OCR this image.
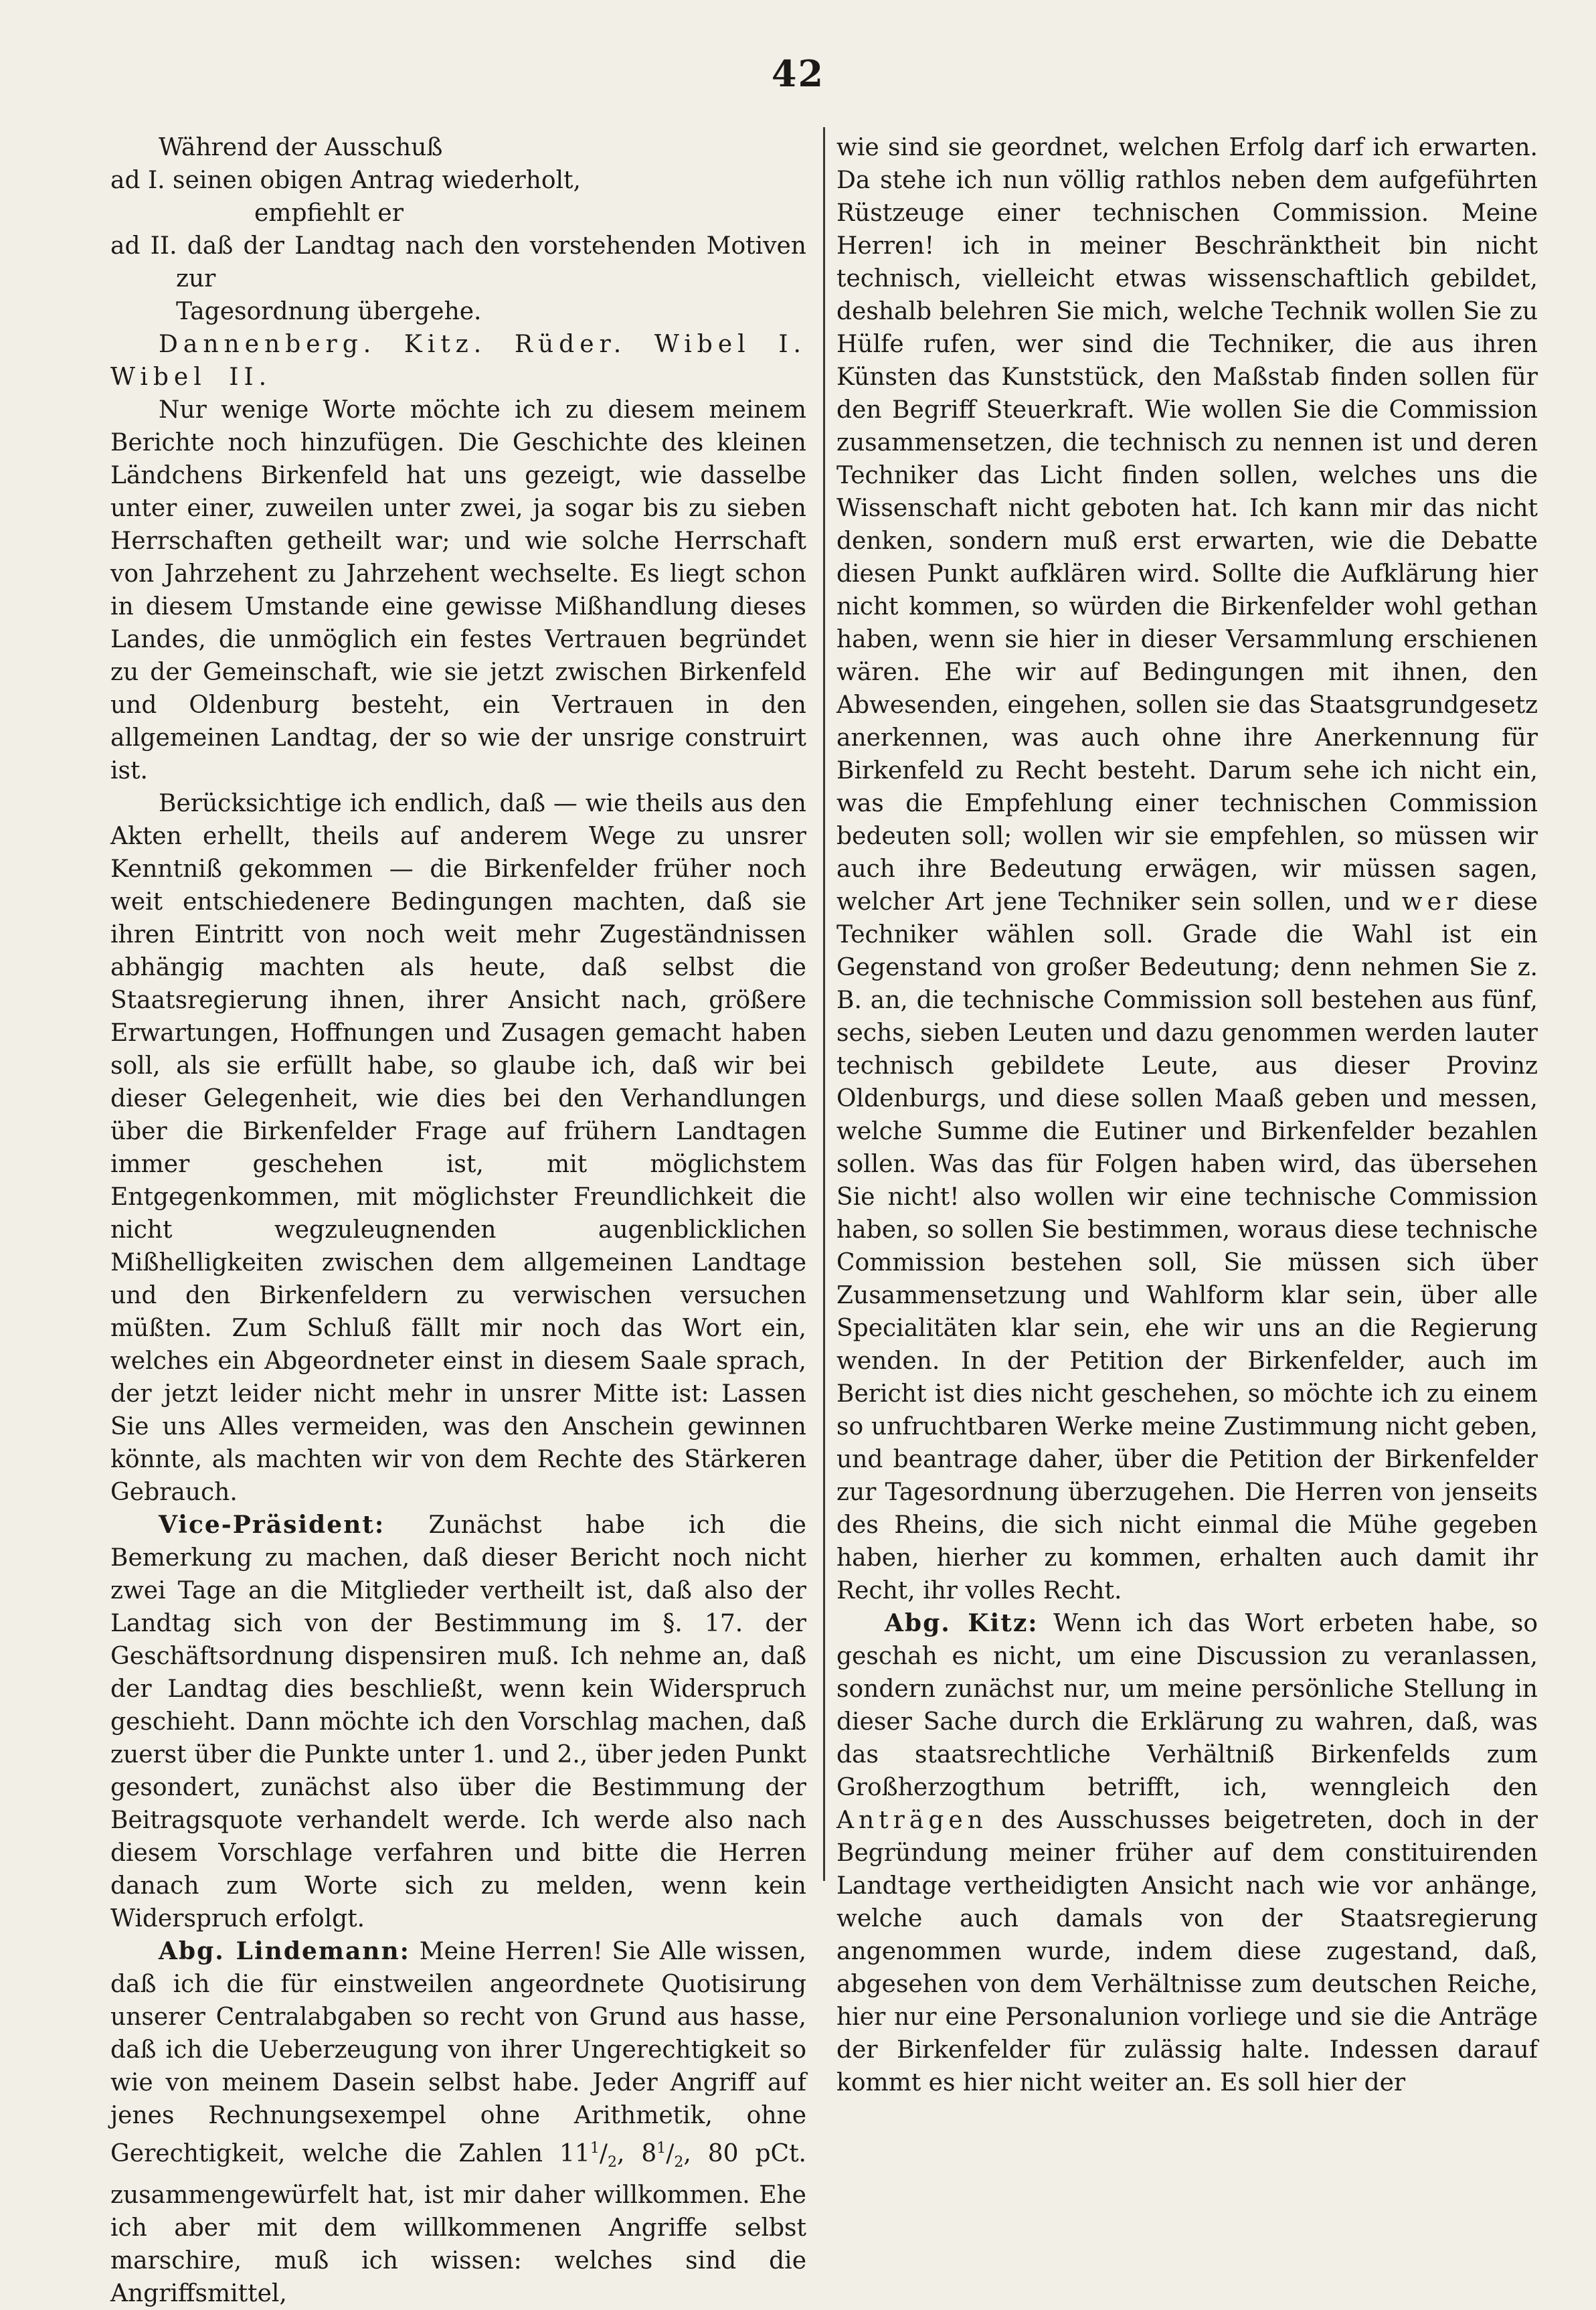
42

Während der Ausschuß

ad I. seinen obigen Antrag wiederholt,

empfiehlt er

ad II. daß der Landtag nach den vorstehenden Motiven zur

Tagesordnung übergehe.

Dannenberg. Kitz. Rüder. Wibel I. Wibel II.

Nur wenige Worte möchte ich zu diesem meinem Berichte noch hinzufügen. Die Geschichte des kleinen Ländchens Birkenfeld hat uns gezeigt, wie dasselbe unter einer, zuweilen unter zwei, ja sogar bis zu sieben Herrschaften getheilt war; und wie solche Herrschaft von Jahrzehent zu Jahrzehent wechselte. Es liegt schon in diesem Umstande eine gewisse Mißhandlung dieses Landes, die unmöglich ein festes Vertrauen begründet zu der Gemeinschaft, wie sie jetzt zwischen Birkenfeld und Oldenburg besteht, ein Vertrauen in den allgemeinen Landtag, der so wie der unsrige construirt ist.

Berücksichtige ich endlich, daß — wie theils aus den Akten erhellt, theils auf anderem Wege zu unsrer Kenntniß gekommen — die Birkenfelder früher noch weit entschiedenere Bedingungen machten, daß sie ihren Eintritt von noch weit mehr Zugeständnissen abhängig machten als heute, daß selbst die Staatsregierung ihnen, ihrer Ansicht nach, größere Erwartungen, Hoffnungen und Zusagen gemacht haben soll, als sie erfüllt habe, so glaube ich, daß wir bei dieser Gelegenheit, wie dies bei den Verhandlungen über die Birkenfelder Frage auf frühern Landtagen immer geschehen ist, mit möglichstem Entgegenkommen, mit möglichster Freundlichkeit die nicht wegzuleugnenden augenblicklichen Mißhelligkeiten zwischen dem allgemeinen Landtage und den Birkenfeldern zu verwischen versuchen müßten. Zum Schluß fällt mir noch das Wort ein, welches ein Abgeordneter einst in diesem Saale sprach, der jetzt leider nicht mehr in unsrer Mitte ist: Lassen Sie uns Alles vermeiden, was den Anschein gewinnen könnte, als machten wir von dem Rechte des Stärkeren Gebrauch.

Vice-Präsident: Zunächst habe ich die Bemerkung zu machen, daß dieser Bericht noch nicht zwei Tage an die Mitglieder vertheilt ist, daß also der Landtag sich von der Bestimmung im §. 17. der Geschäftsordnung dispensiren muß. Ich nehme an, daß der Landtag dies beschließt, wenn kein Widerspruch geschieht. Dann möchte ich den Vorschlag machen, daß zuerst über die Punkte unter 1. und 2., über jeden Punkt gesondert, zunächst also über die Bestimmung der Beitragsquote verhandelt werde. Ich werde also nach diesem Vorschlage verfahren und bitte die Herren danach zum Worte sich zu melden, wenn kein Widerspruch erfolgt.

Abg. Lindemann: Meine Herren! Sie Alle wissen, daß ich die für einstweilen angeordnete Quotisirung unserer Centralabgaben so recht von Grund aus hasse, daß ich die Ueberzeugung von ihrer Ungerechtigkeit so wie von meinem Dasein selbst habe. Jeder Angriff auf jenes Rechnungsexempel ohne Arithmetik, ohne Gerechtigkeit, welche die Zahlen $11^1/_2$, $8^1/_2$, 80 pCt. zusammengewürfelt hat, ist mir daher willkommen. Ehe ich aber mit dem willkommenen Angriffe selbst marschire, muß ich wissen: welches sind die Angriffsmittel,

wie sind sie geordnet, welchen Erfolg darf ich erwarten. Da stehe ich nun völlig rathlos neben dem aufgeführten Rüstzeuge einer technischen Commission. Meine Herren! ich in meiner Beschränktheit bin nicht technisch, vielleicht etwas wissenschaftlich gebildet, deshalb belehren Sie mich, welche Technik wollen Sie zu Hülfe rufen, wer sind die Techniker, die aus ihren Künsten das Kunststück, den Maßstab finden sollen für den Begriff Steuerkraft. Wie wollen Sie die Commission zusammensetzen, die technisch zu nennen ist und deren Techniker das Licht finden sollen, welches uns die Wissenschaft nicht geboten hat. Ich kann mir das nicht denken, sondern muß erst erwarten, wie die Debatte diesen Punkt aufklären wird. Sollte die Aufklärung hier nicht kommen, so würden die Birkenfelder wohl gethan haben, wenn sie hier in dieser Versammlung erschienen wären. Ehe wir auf Bedingungen mit ihnen, den Abwesenden, eingehen, sollen sie das Staatsgrundgesetz anerkennen, was auch ohne ihre Anerkennung für Birkenfeld zu Recht besteht. Darum sehe ich nicht ein, was die Empfehlung einer technischen Commission bedeuten soll; wollen wir sie empfehlen, so müssen wir auch ihre Bedeutung erwägen, wir müssen sagen, welcher Art jene Techniker sein sollen, und wer diese Techniker wählen soll. Grade die Wahl ist ein Gegenstand von großer Bedeutung; denn nehmen Sie z. B. an, die technische Commission soll bestehen aus fünf, sechs, sieben Leuten und dazu genommen werden lauter technisch gebildete Leute, aus dieser Provinz Oldenburgs, und diese sollen Maaß geben und messen, welche Summe die Eutiner und Birkenfelder bezahlen sollen. Was das für Folgen haben wird, das übersehen Sie nicht! also wollen wir eine technische Commission haben, so sollen Sie bestimmen, woraus diese technische Commission bestehen soll, Sie müssen sich über Zusammensetzung und Wahlform klar sein, über alle Specialitäten klar sein, ehe wir uns an die Regierung wenden. In der Petition der Birkenfelder, auch im Bericht ist dies nicht geschehen, so möchte ich zu einem so unfruchtbaren Werke meine Zustimmung nicht geben, und beantrage daher, über die Petition der Birkenfelder zur Tagesordnung überzugehen. Die Herren von jenseits des Rheins, die sich nicht einmal die Mühe gegeben haben, hierher zu kommen, erhalten auch damit ihr Recht, ihr volles Recht.

Abg. Kitz: Wenn ich das Wort erbeten habe, so geschah es nicht, um eine Discussion zu veranlassen, sondern zunächst nur, um meine persönliche Stellung in dieser Sache durch die Erklärung zu wahren, daß, was das staatsrechtliche Verhältniß Birkenfelds zum Großherzogthum betrifft, ich, wenngleich den Anträgen des Ausschusses beigetreten, doch in der Begründung meiner früher auf dem constituirenden Landtage vertheidigten Ansicht nach wie vor anhänge, welche auch damals von der Staatsregierung angenommen wurde, indem diese zugestand, daß, abgesehen von dem Verhältnisse zum deutschen Reiche, hier nur eine Personalunion vorliege und sie die Anträge der Birkenfelder für zulässig halte. Indessen darauf kommt es hier nicht weiter an. Es soll hier der
